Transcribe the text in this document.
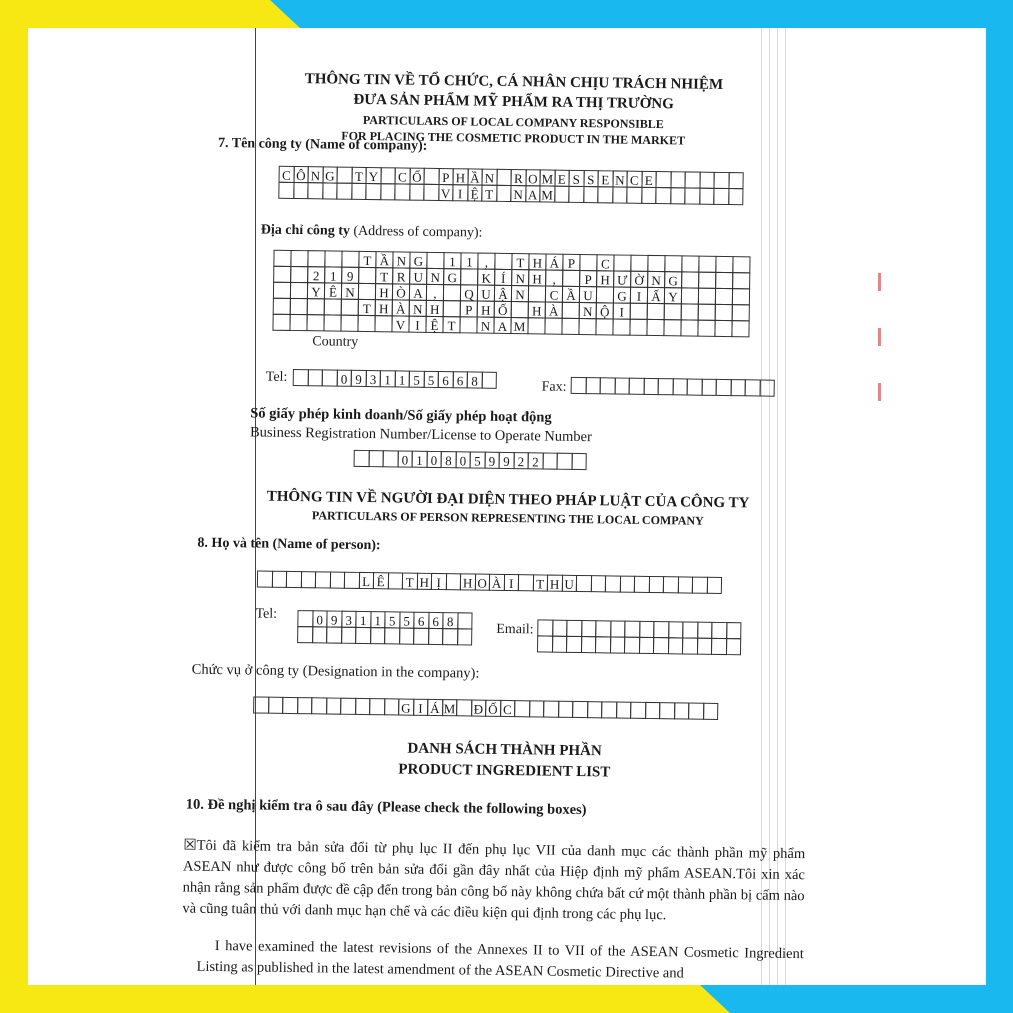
THÔNG TIN VỀ TỔ CHỨC, CÁ NHÂN CHỊU TRÁCH NHIỆM
ĐƯA SẢN PHẨM MỸ PHẨM RA THỊ TRƯỜNG
PARTICULARS OF LOCAL COMPANY RESPONSIBLE
FOR PLACING THE COSMETIC PRODUCT IN THE MARKET
7. Tên công ty (Name of company):
C Ô N G T Y C Ổ	P H Ầ N R O M E S S E N C E
V I Ệ T N A M
Địa chỉ công ty (Address of company):
T Ầ N G	1 1 ,	T H Á P	C
2 1 9	T R U N G	K Í N H ,	P H Ư Ờ N G
Y Ê N	H Ò A ,	Q U Ậ N	C Ầ U	G I Ấ Y
T H À N H	P H Ố	H À	N Ộ I
V I Ệ T	N A M
Country
Tel:	0 9 3 1 1 5 5 6 6 8	Fax:
Số giấy phép kinh doanh/Số giấy phép hoạt động
Business Registration Number/License to Operate Number
0 1 0 8 0 5 9 9 2 2
THÔNG TIN VỀ NGƯỜI ĐẠI DIỆN THEO PHÁP LUẬT CỦA CÔNG TY
PARTICULARS OF PERSON REPRESENTING THE LOCAL COMPANY
8. Họ và tên (Name of person):
L Ê T H Ị	H O À I	T H U
Tel:	0 9 3 1 1 5 5 6 6 8
Email:
Chức vụ ở công ty (Designation in the company):
G I Á M Đ Ố C
DANH SÁCH THÀNH PHẦN
PRODUCT INGREDIENT LIST
10. Đề nghị kiểm tra ô sau đây (Please check the following boxes)
☒Tôi đã kiểm tra bản sửa đổi từ phụ lục II đến phụ lục VII của danh mục các thành phần mỹ phẩm ASEAN như được công bố trên bản sửa đổi gần đây nhất của Hiệp định mỹ phẩm ASEAN.Tôi xin xác nhận rằng sản phẩm được đề cập đến trong bản công bố này không chứa bất cứ một thành phần bị cấm nào và cũng tuân thủ với danh mục hạn chế và các điều kiện qui định trong các phụ lục.
I have examined the latest revisions of the Annexes II to VII of the ASEAN Cosmetic Ingredient Listing as published in the latest amendment of the ASEAN Cosmetic Directive and
